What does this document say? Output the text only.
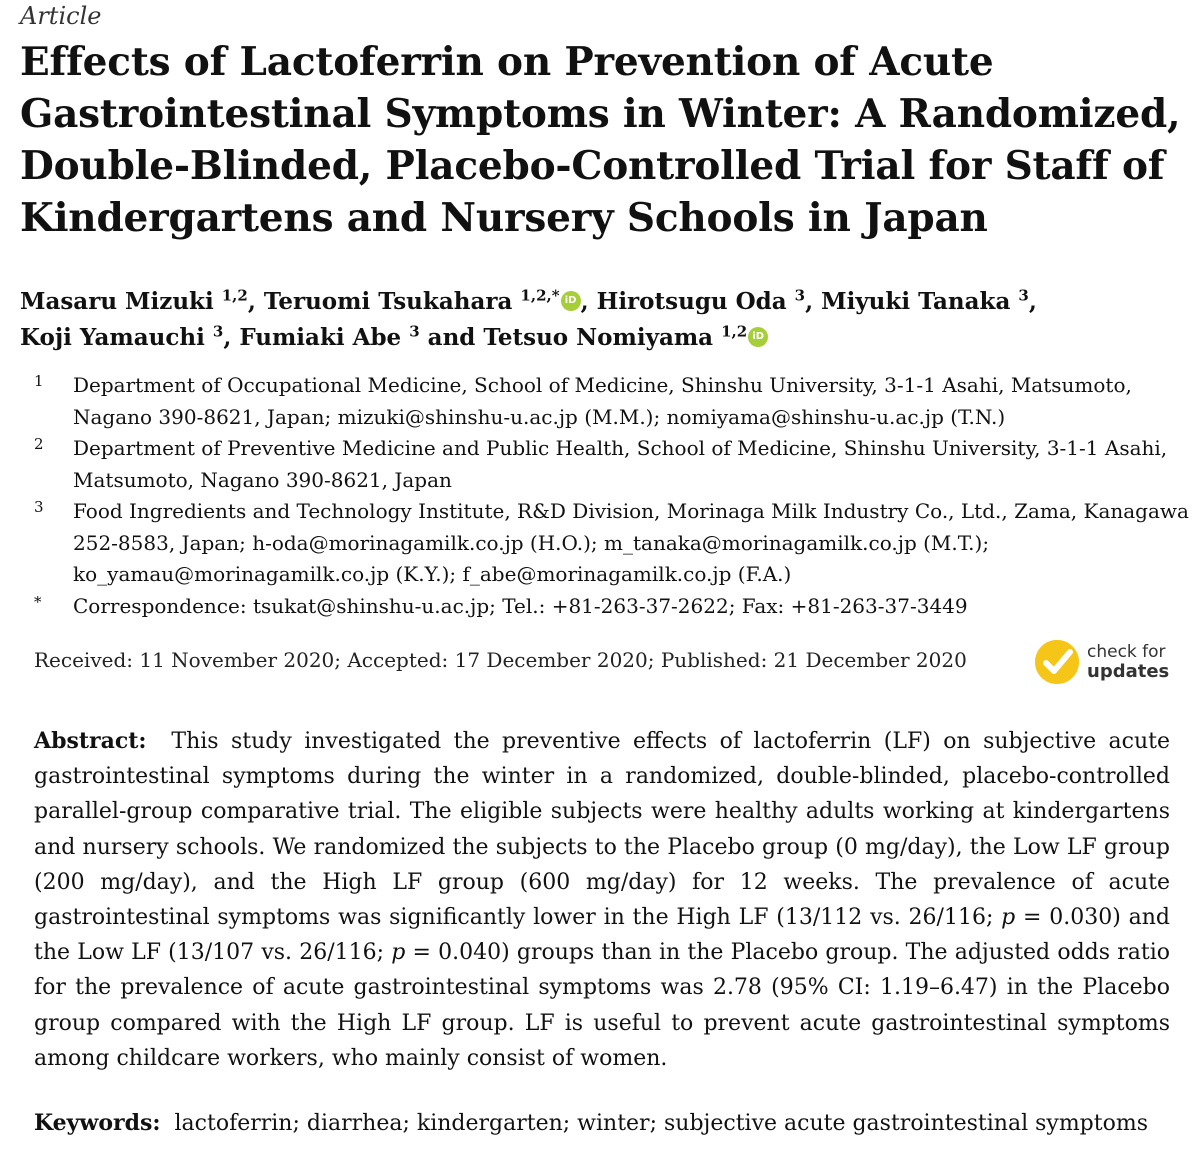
Article
Effects of Lactoferrin on Prevention of Acute Gastrointestinal Symptoms in Winter: A Randomized, Double-Blinded, Placebo-Controlled Trial for Staff of Kindergartens and Nursery Schools in Japan
Masaru Mizuki $^{1,2}$, Teruomi Tsukahara $^{1,2,*}$ iD , Hirotsugu Oda $^3$, Miyuki Tanaka $^3$,
Koji Yamauchi $^3$, Fumiaki Abe $^3$ and Tetsuo Nomiyama $^{1,2}$ iD
1	Department of Occupational Medicine, School of Medicine, Shinshu University, 3-1-1 Asahi, Matsumoto, Nagano 390-8621, Japan; mizuki@shinshu-u.ac.jp (M.M.); nomiyama@shinshu-u.ac.jp (T.N.)
2	Department of Preventive Medicine and Public Health, School of Medicine, Shinshu University, 3-1-1 Asahi, Matsumoto, Nagano 390-8621, Japan
3	Food Ingredients and Technology Institute, R&D Division, Morinaga Milk Industry Co., Ltd., Zama, Kanagawa 252-8583, Japan; h-oda@morinagamilk.co.jp (H.O.); m_tanaka@morinagamilk.co.jp (M.T.); ko_yamau@morinagamilk.co.jp (K.Y.); f_abe@morinagamilk.co.jp (F.A.)
*	Correspondence: tsukat@shinshu-u.ac.jp; Tel.: +81-263-37-2622; Fax: +81-263-37-3449
Received: 11 November 2020; Accepted: 17 December 2020; Published: 21 December 2020	check for
updates

Abstract: This study investigated the preventive effects of lactoferrin (LF) on subjective acute gastrointestinal symptoms during the winter in a randomized, double-blinded, placebo-controlled parallel-group comparative trial. The eligible subjects were healthy adults working at kindergartens and nursery schools. We randomized the subjects to the Placebo group (0 mg/day), the Low LF group (200 mg/day), and the High LF group (600 mg/day) for 12 weeks. The prevalence of acute gastrointestinal symptoms was significantly lower in the High LF (13/112 vs. 26/116; p = 0.030) and the Low LF (13/107 vs. 26/116; p = 0.040) groups than in the Placebo group. The adjusted odds ratio for the prevalence of acute gastrointestinal symptoms was 2.78 (95% CI: 1.19–6.47) in the Placebo group compared with the High LF group. LF is useful to prevent acute gastrointestinal symptoms among childcare workers, who mainly consist of women.

Keywords: lactoferrin; diarrhea; kindergarten; winter; subjective acute gastrointestinal symptoms
